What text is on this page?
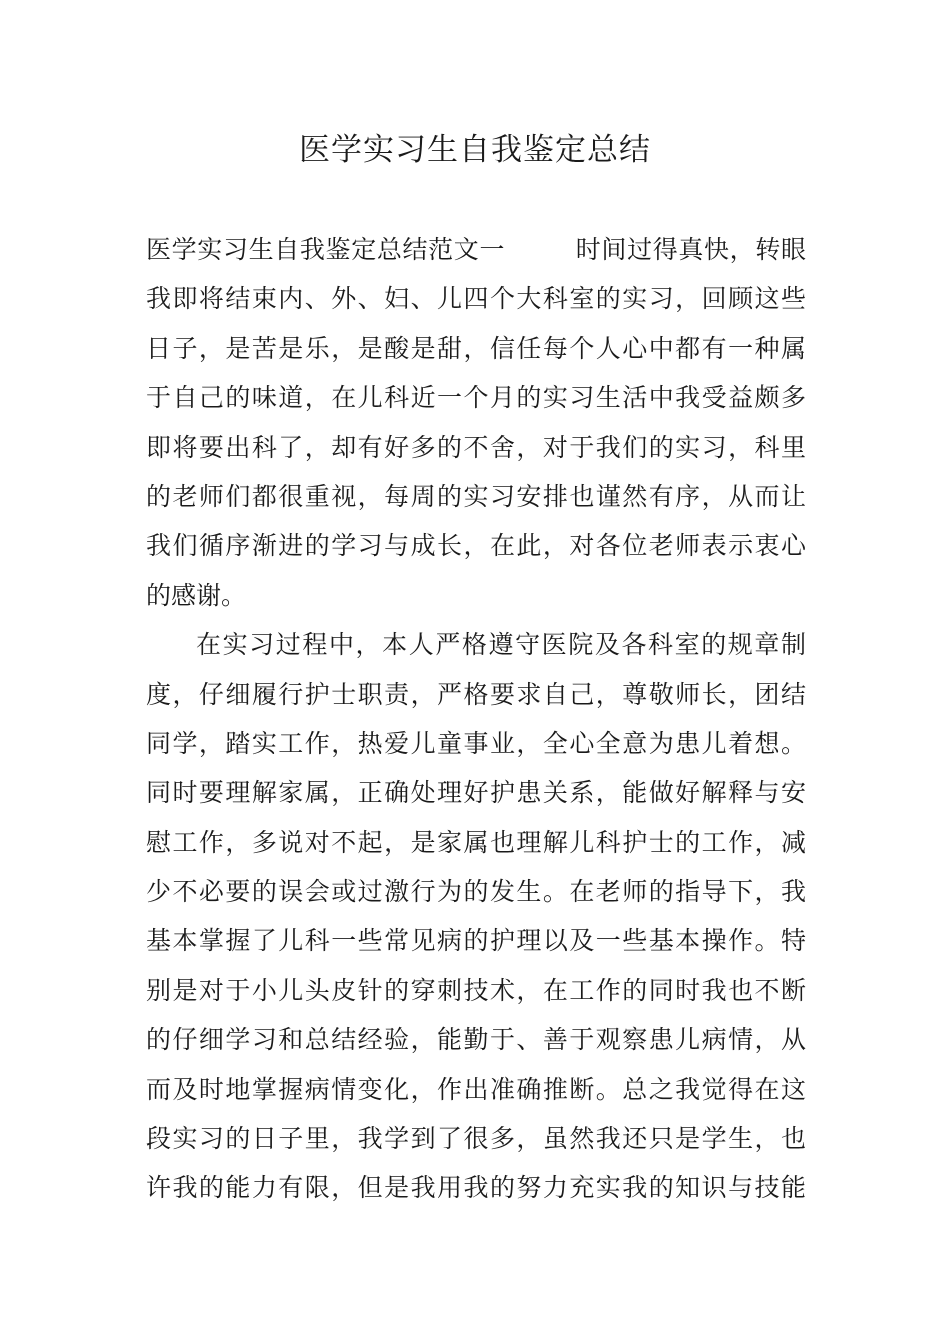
医学实习生自我鉴定总结
医学实习生自我鉴定总结范文一	时间过得真快，转眼
我即将结束内、外、妇、儿四个大科室的实习，回顾这些
日子，是苦是乐，是酸是甜，信任每个人心中都有一种属
于自己的味道，在儿科近一个月的实习生活中我受益颇多
即将要出科了，却有好多的不舍，对于我们的实习，科里
的老师们都很重视，每周的实习安排也谨然有序，从而让
我们循序渐进的学习与成长，在此，对各位老师表示衷心
的感谢。
在实习过程中，本人严格遵守医院及各科室的规章制
度，仔细履行护士职责，严格要求自己，尊敬师长，团结
同学，踏实工作，热爱儿童事业，全心全意为患儿着想。
同时要理解家属，正确处理好护患关系，能做好解释与安
慰工作，多说对不起，是家属也理解儿科护士的工作，减
少不必要的误会或过激行为的发生。在老师的指导下，我
基本掌握了儿科一些常见病的护理以及一些基本操作。特
别是对于小儿头皮针的穿刺技术，在工作的同时我也不断
的仔细学习和总结经验，能勤于、善于观察患儿病情，从
而及时地掌握病情变化，作出准确推断。总之我觉得在这
段实习的日子里，我学到了很多，虽然我还只是学生，也
许我的能力有限，但是我用我的努力充实我的知识与技能
